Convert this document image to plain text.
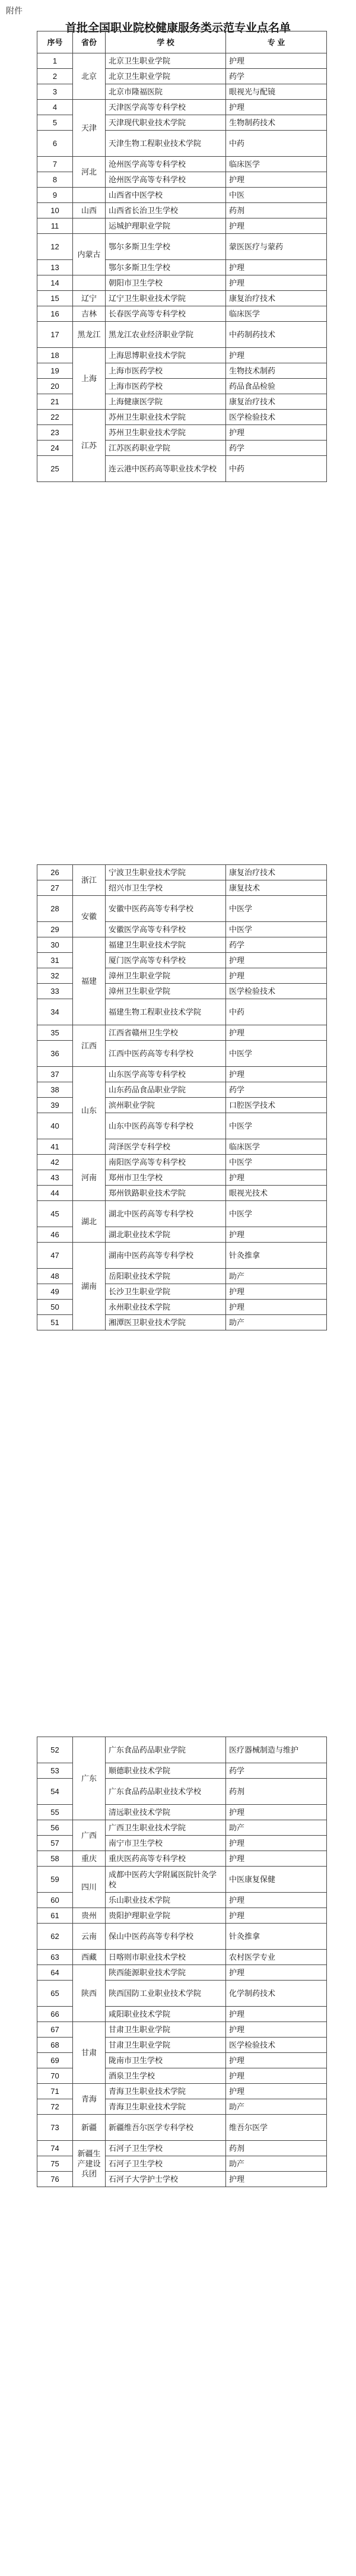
附件
首批全国职业院校健康服务类示范专业点名单
序号	省份	学 校	专 业
1	北京	北京卫生职业学院	护理
2		北京卫生职业学院	药学
3		北京市隆福医院	眼视光与配镜
4	天津	天津医学高等专科学校	护理
5		天津现代职业技术学院	生物制药技术
6		天津生物工程职业技术学院	中药
7	河北	沧州医学高等专科学校	临床医学
8		沧州医学高等专科学校	护理
9		山西省中医学校	中医
10	山西	山西省长治卫生学校	药剂
11		运城护理职业学院	护理
12	内蒙古	鄂尔多斯卫生学校	蒙医医疗与蒙药
13		鄂尔多斯卫生学校	护理
14		朝阳市卫生学校	护理
15	辽宁	辽宁卫生职业技术学院	康复治疗技术
16	吉林	长春医学高等专科学校	临床医学
17	黑龙江	黑龙江农业经济职业学院	中药制药技术
18	上海	上海思博职业技术学院	护理
19		上海市医药学校	生物技术制药
20		上海市医药学校	药品食品检验
21		上海健康医学院	康复治疗技术
22	江苏	苏州卫生职业技术学院	医学检验技术
23		苏州卫生职业技术学院	护理
24		江苏医药职业学院	药学
25		连云港中医药高等职业技术学校	中药
26	浙江	宁波卫生职业技术学院	康复治疗技术
27		绍兴市卫生学校	康复技术
28	安徽	安徽中医药高等专科学校	中医学
29		安徽医学高等专科学校	中医学
30	福建	福建卫生职业技术学院	药学
31		厦门医学高等专科学校	护理
32		漳州卫生职业学院	护理
33		漳州卫生职业学院	医学检验技术
34		福建生物工程职业技术学院	中药
35	江西	江西省赣州卫生学校	护理
36		江西中医药高等专科学校	中医学
37	山东	山东医学高等专科学校	护理
38		山东药品食品职业学院	药学
39		滨州职业学院	口腔医学技术
40		山东中医药高等专科学校	中医学
41		菏泽医学专科学校	临床医学
42	河南	南阳医学高等专科学校	中医学
43		郑州市卫生学校	护理
44		郑州铁路职业技术学院	眼视光技术
45	湖北	湖北中医药高等专科学校	中医学
46		湖北职业技术学院	护理
47	湖南	湖南中医药高等专科学校	针灸推拿
48		岳阳职业技术学院	助产
49		长沙卫生职业学院	护理
50		永州职业技术学院	护理
51		湘潭医卫职业技术学院	助产
52	广东	广东食品药品职业学院	医疗器械制造与维护
53		顺德职业技术学院	药学
54		广东食品药品职业技术学校	药剂
55		清远职业技术学院	护理
56	广西	广西卫生职业技术学院	助产
57		南宁市卫生学校	护理
58	重庆	重庆医药高等专科学校	护理
59	四川	成都中医药大学附属医院针灸学校	中医康复保健
60		乐山职业技术学院	护理
61	贵州	贵阳护理职业学院	护理
62	云南	保山中医药高等专科学校	针灸推拿
63	西藏	日喀则市职业技术学校	农村医学专业
64	陕西	陕西能源职业技术学院	护理
65		陕西国防工业职业技术学院	化学制药技术
66		咸阳职业技术学院	护理
67	甘肃	甘肃卫生职业学院	护理
68		甘肃卫生职业学院	医学检验技术
69		陇南市卫生学校	护理
70		酒泉卫生学校	护理
71	青海	青海卫生职业技术学院	护理
72		青海卫生职业技术学院	助产
73	新疆	新疆维吾尔医学专科学校	维吾尔医学
74	新疆生产建设兵团	石河子卫生学校	药剂
75		石河子卫生学校	助产
76		石河子大学护士学校	护理
